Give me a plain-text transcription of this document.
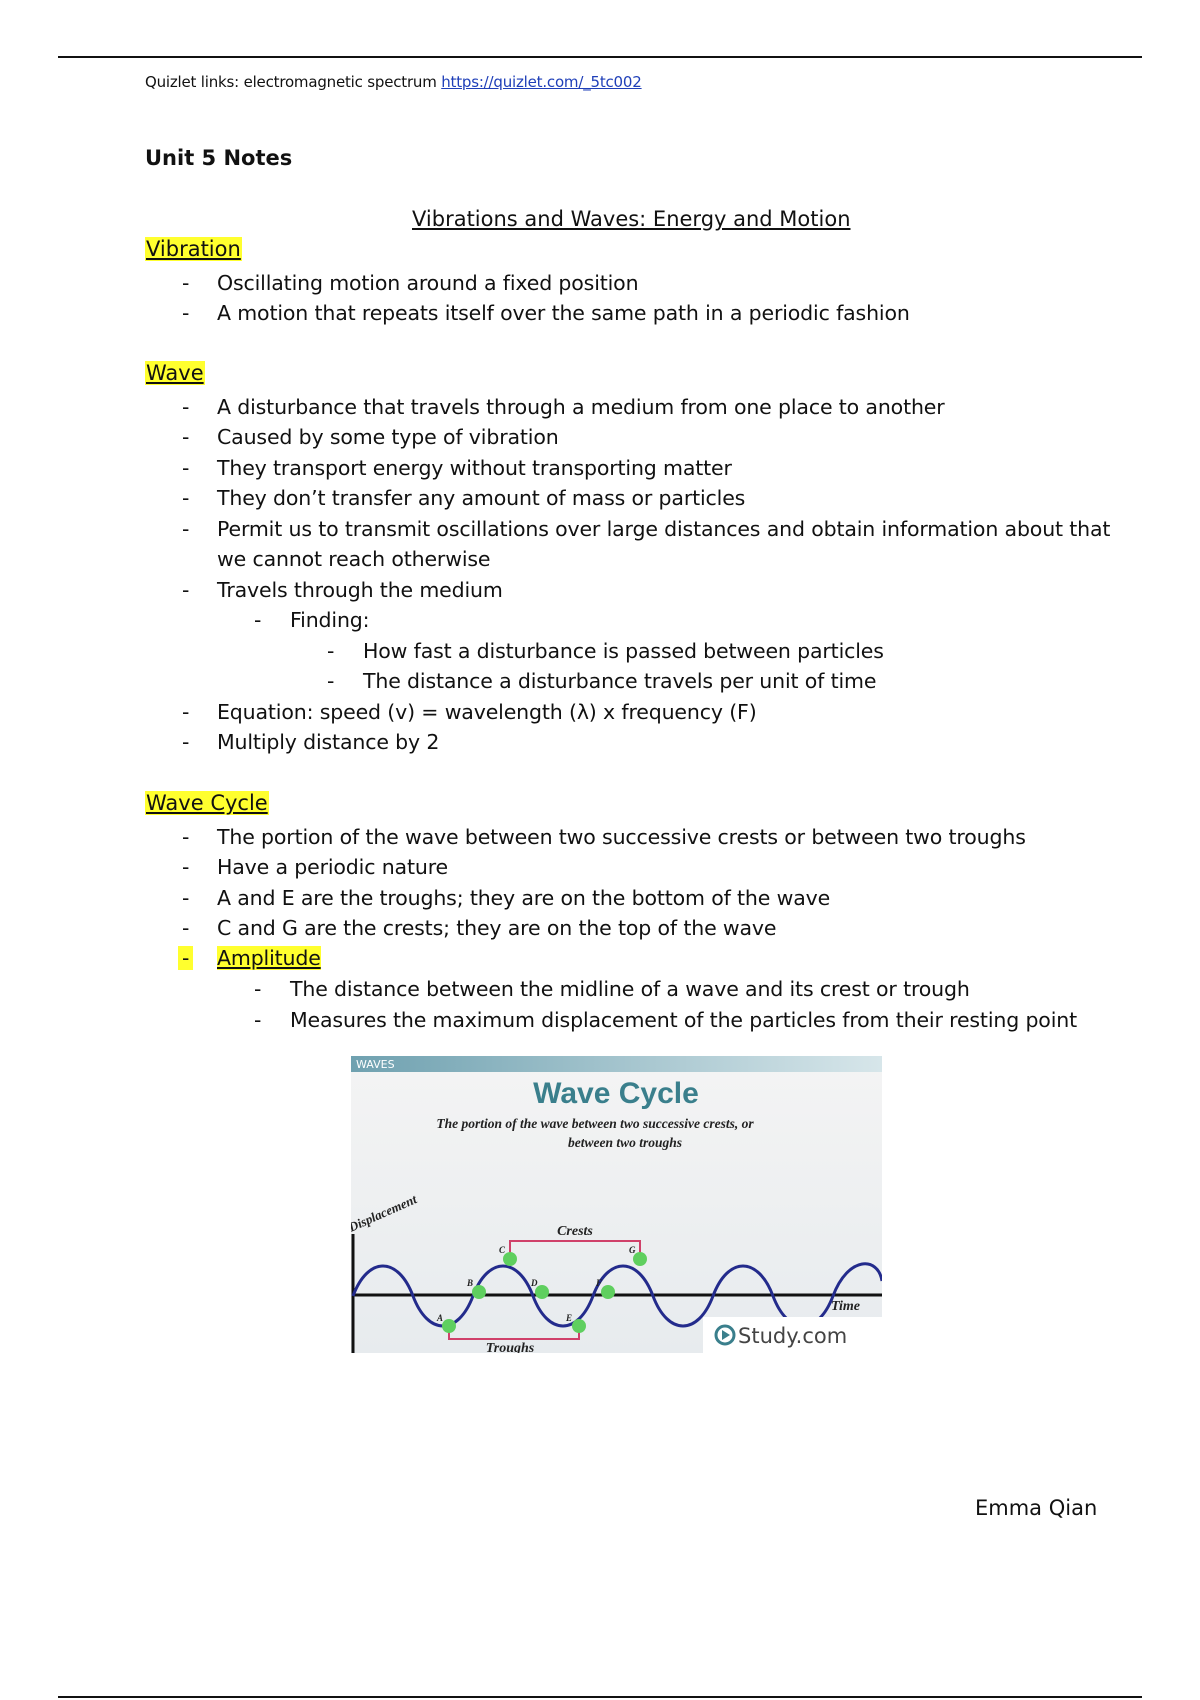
Quizlet links: electromagnetic spectrum https://quizlet.com/_5tc002
Unit 5 Notes
Vibrations and Waves: Energy and Motion
Vibration
- Oscillating motion around a fixed position
- A motion that repeats itself over the same path in a periodic fashion
Wave
- A disturbance that travels through a medium from one place to another
- Caused by some type of vibration
- They transport energy without transporting matter
- They don’t transfer any amount of mass or particles
- Permit us to transmit oscillations over large distances and obtain information about that
we cannot reach otherwise
- Travels through the medium
- Finding:
- How fast a disturbance is passed between particles
- The distance a disturbance travels per unit of time
- Equation: speed (v) = wavelength (λ) x frequency (F)
- Multiply distance by 2
Wave Cycle
- The portion of the wave between two successive crests or between two troughs
- Have a periodic nature
- A and E are the troughs; they are on the bottom of the wave
- C and G are the crests; they are on the top of the wave
- Amplitude
- The distance between the midline of a wave and its crest or trough
- Measures the maximum displacement of the particles from their resting point
WAVES
Wave Cycle
The portion of the wave between two successive crests, or
between two troughs
Displacement	Crests
Troughs
A
B
C
D
E
F
G
Time
Study.com
Emma Qian
